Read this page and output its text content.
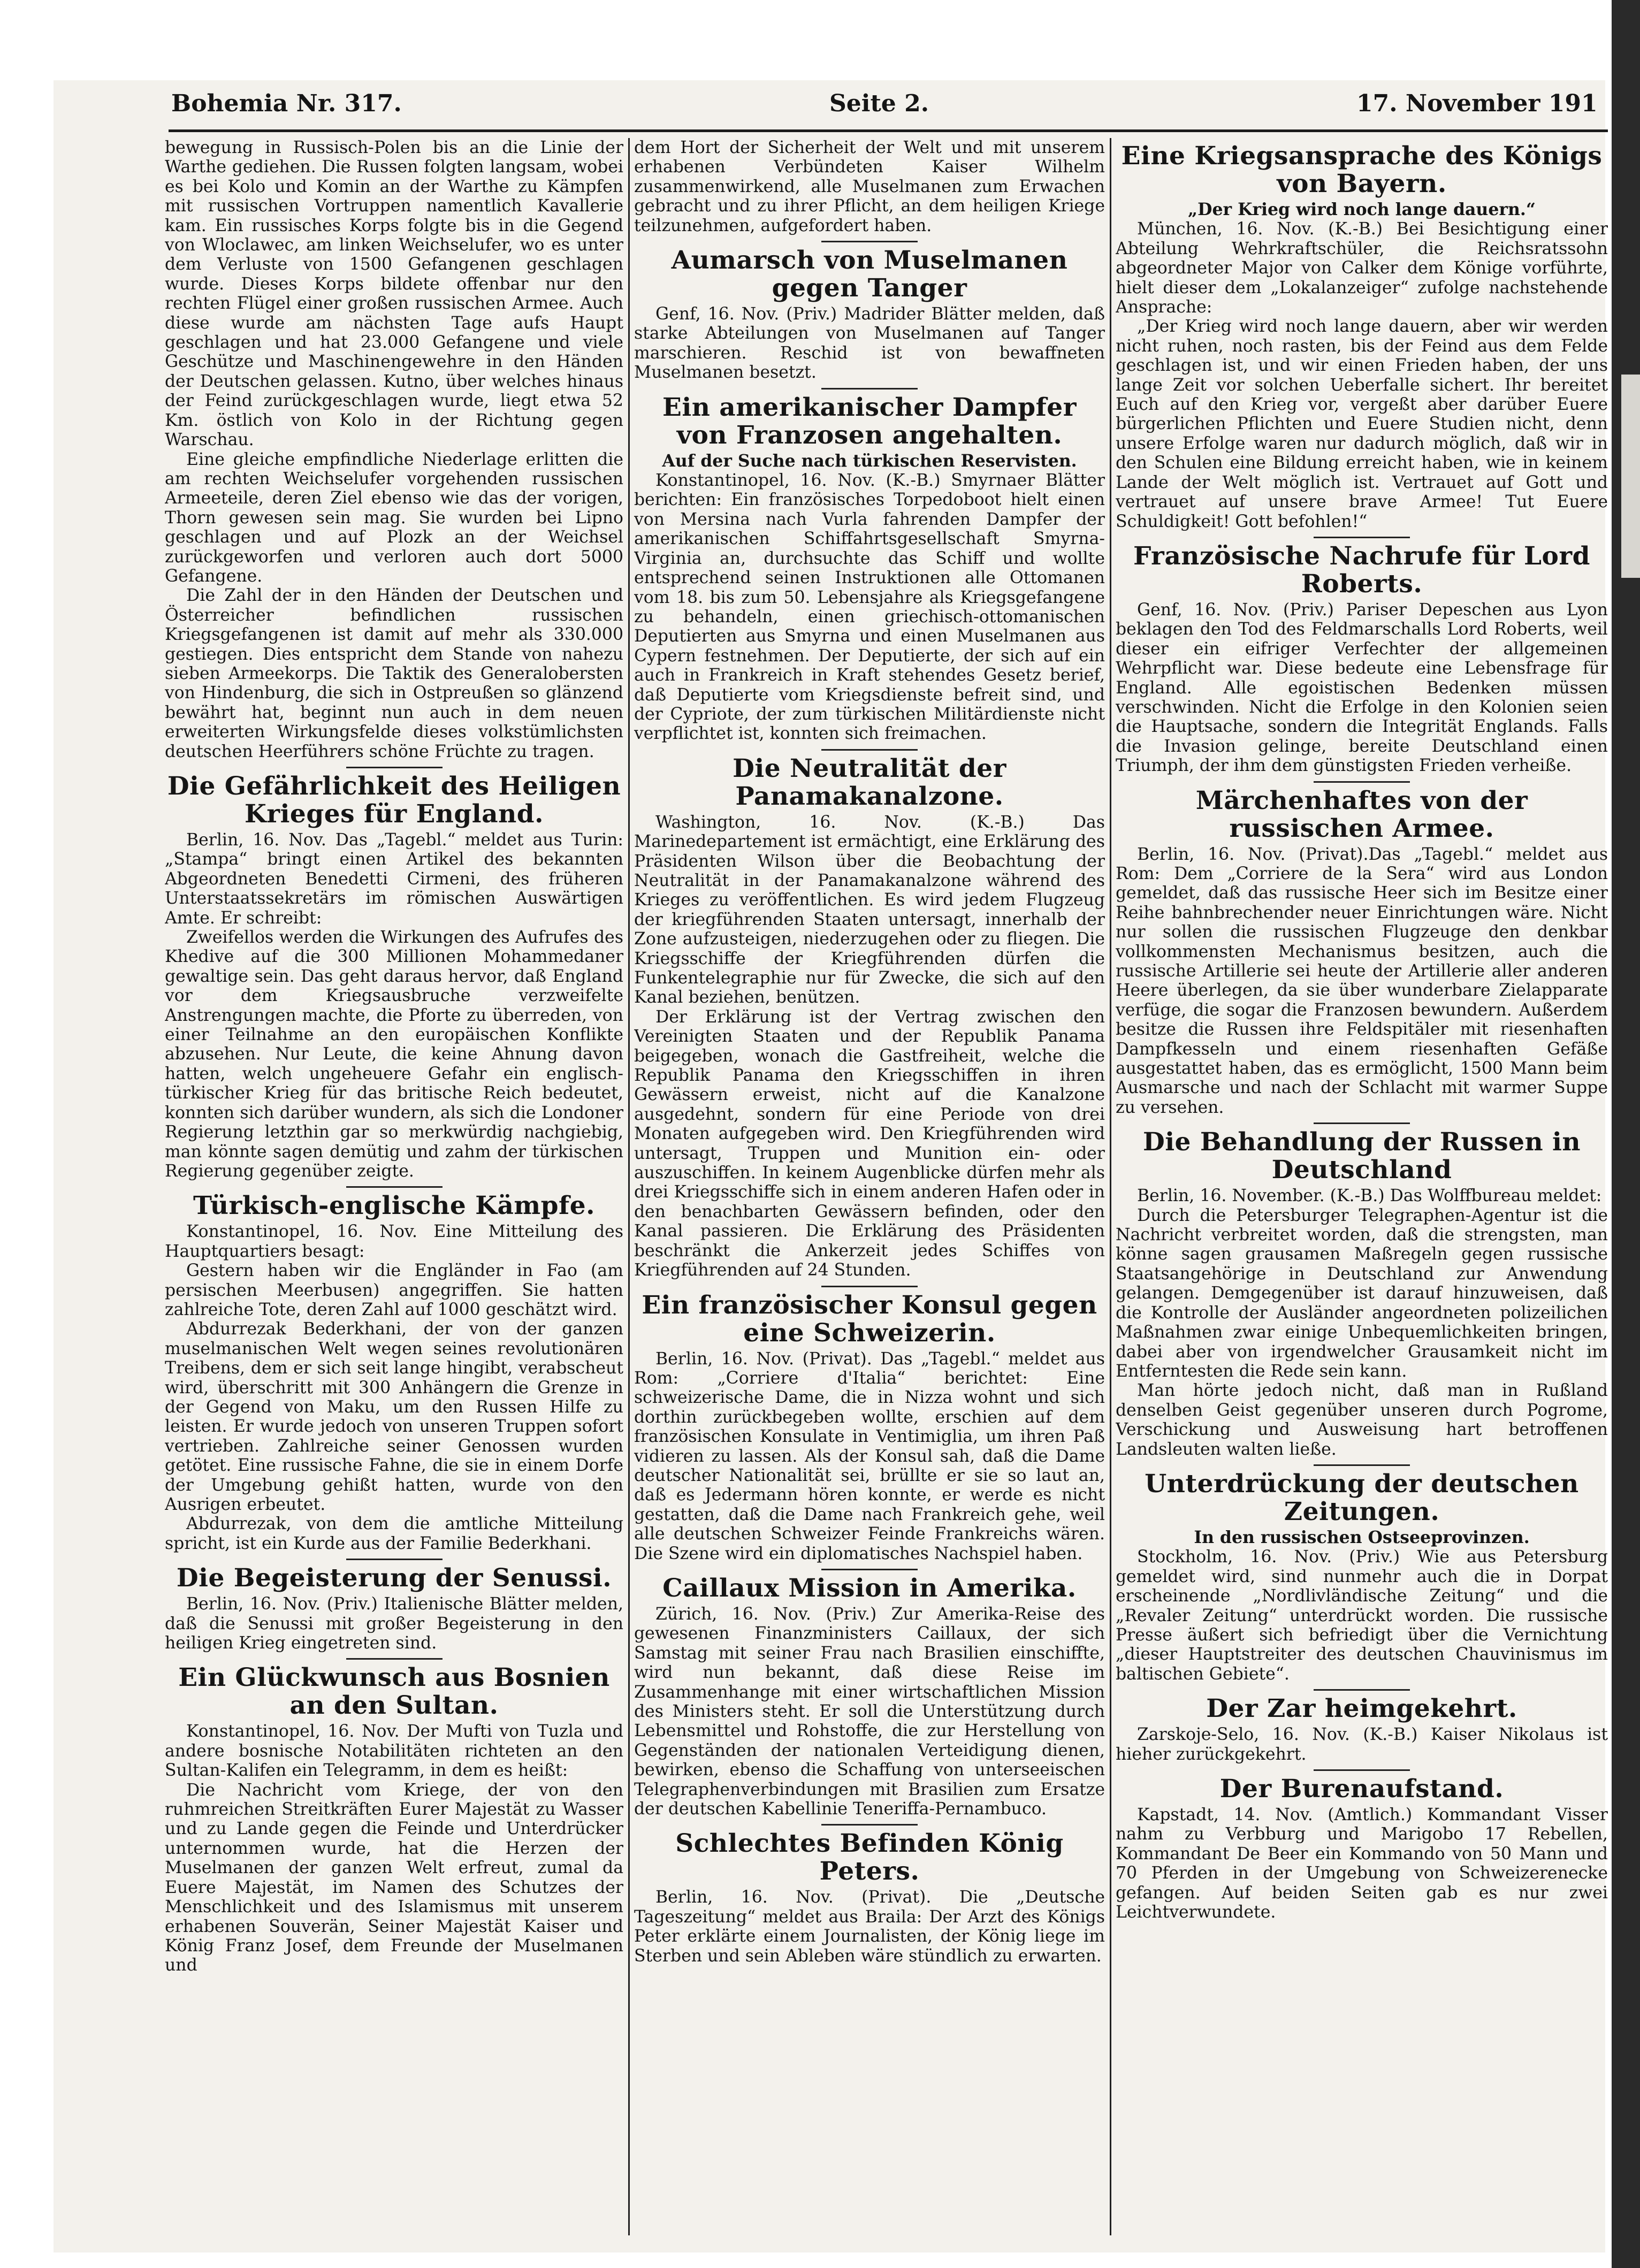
Bohemia Nr. 317.	Seite 2.	17. November 191

bewegung in Russisch-Polen bis an die Linie der Warthe gediehen. Die Russen folgten langsam, wobei es bei Kolo und Komin an der Warthe zu Kämpfen mit russischen Vortruppen namentlich Kavallerie kam. Ein russisches Korps folgte bis in die Gegend von Wloclawec, am linken Weichselufer, wo es unter dem Verluste von 1500 Gefangenen geschlagen wurde. Dieses Korps bildete offenbar nur den rechten Flügel einer großen russischen Armee. Auch diese wurde am nächsten Tage aufs Haupt geschlagen und hat 23.000 Gefangene und viele Geschütze und Maschinengewehre in den Händen der Deutschen gelassen. Kutno, über welches hinaus der Feind zurückgeschlagen wurde, liegt etwa 52 Km. östlich von Kolo in der Richtung gegen Warschau.

Eine gleiche empfindliche Niederlage erlitten die am rechten Weichselufer vorgehenden russischen Armeeteile, deren Ziel ebenso wie das der vorigen, Thorn gewesen sein mag. Sie wurden bei Lipno geschlagen und auf Plozk an der Weichsel zurückgeworfen und verloren auch dort 5000 Gefangene.

Die Zahl der in den Händen der Deutschen und Österreicher befindlichen russischen Kriegsgefangenen ist damit auf mehr als 330.000 gestiegen. Dies entspricht dem Stande von nahezu sieben Armeekorps. Die Taktik des Generalobersten von Hindenburg, die sich in Ostpreußen so glänzend bewährt hat, beginnt nun auch in dem neuen erweiterten Wirkungsfelde dieses volkstümlichsten deutschen Heerführers schöne Früchte zu tragen.

Die Gefährlichkeit des Heiligen Krieges für England.

Berlin, 16. Nov. Das „Tagebl.“ meldet aus Turin: „Stampa“ bringt einen Artikel des bekannten Abgeordneten Benedetti Cirmeni, des früheren Unterstaatssekretärs im römischen Auswärtigen Amte. Er schreibt:

Zweifellos werden die Wirkungen des Aufrufes des Khedive auf die 300 Millionen Mohammedaner gewaltige sein. Das geht daraus hervor, daß England vor dem Kriegsausbruche verzweifelte Anstrengungen machte, die Pforte zu überreden, von einer Teilnahme an den europäischen Konflikte abzusehen. Nur Leute, die keine Ahnung davon hatten, welch ungeheuere Gefahr ein englisch-türkischer Krieg für das britische Reich bedeutet, konnten sich darüber wundern, als sich die Londoner Regierung letzthin gar so merkwürdig nachgiebig, man könnte sagen demütig und zahm der türkischen Regierung gegenüber zeigte.

Türkisch-englische Kämpfe.

Konstantinopel, 16. Nov. Eine Mitteilung des Hauptquartiers besagt:

Gestern haben wir die Engländer in Fao (am persischen Meerbusen) angegriffen. Sie hatten zahlreiche Tote, deren Zahl auf 1000 geschätzt wird.

Abdurrezak Bederkhani, der von der ganzen muselmanischen Welt wegen seines revolutionären Treibens, dem er sich seit lange hingibt, verabscheut wird, überschritt mit 300 Anhängern die Grenze in der Gegend von Maku, um den Russen Hilfe zu leisten. Er wurde jedoch von unseren Truppen sofort vertrieben. Zahlreiche seiner Genossen wurden getötet. Eine russische Fahne, die sie in einem Dorfe der Umgebung gehißt hatten, wurde von den Ausrigen erbeutet.

Abdurrezak, von dem die amtliche Mitteilung spricht, ist ein Kurde aus der Familie Bederkhani.

Die Begeisterung der Senussi.

Berlin, 16. Nov. (Priv.) Italienische Blätter melden, daß die Senussi mit großer Begeisterung in den heiligen Krieg eingetreten sind.

Ein Glückwunsch aus Bosnien an den Sultan.

Konstantinopel, 16. Nov. Der Mufti von Tuzla und andere bosnische Notabilitäten richteten an den Sultan-Kalifen ein Telegramm, in dem es heißt:

Die Nachricht vom Kriege, der von den ruhmreichen Streitkräften Eurer Majestät zu Wasser und zu Lande gegen die Feinde und Unterdrücker unternommen wurde, hat die Herzen der Muselmanen der ganzen Welt erfreut, zumal da Euere Majestät, im Namen des Schutzes der Menschlichkeit und des Islamismus mit unserem erhabenen Souverän, Seiner Majestät Kaiser und König Franz Josef, dem Freunde der Muselmanen und

dem Hort der Sicherheit der Welt und mit unserem erhabenen Verbündeten Kaiser Wilhelm zusammenwirkend, alle Muselmanen zum Erwachen gebracht und zu ihrer Pflicht, an dem heiligen Kriege teilzunehmen, aufgefordert haben.

Aumarsch von Muselmanen gegen Tanger

Genf, 16. Nov. (Priv.) Madrider Blätter melden, daß starke Abteilungen von Muselmanen auf Tanger marschieren. Reschid ist von bewaffneten Muselmanen besetzt.

Ein amerikanischer Dampfer von Franzosen angehalten.

Auf der Suche nach türkischen Reservisten.

Konstantinopel, 16. Nov. (K.-B.) Smyrnaer Blätter berichten: Ein französisches Torpedoboot hielt einen von Mersina nach Vurla fahrenden Dampfer der amerikanischen Schiffahrtsgesellschaft Smyrna-Virginia an, durchsuchte das Schiff und wollte entsprechend seinen Instruktionen alle Ottomanen vom 18. bis zum 50. Lebensjahre als Kriegsgefangene zu behandeln, einen griechisch-ottomanischen Deputierten aus Smyrna und einen Muselmanen aus Cypern festnehmen. Der Deputierte, der sich auf ein auch in Frankreich in Kraft stehendes Gesetz berief, daß Deputierte vom Kriegsdienste befreit sind, und der Cypriote, der zum türkischen Militärdienste nicht verpflichtet ist, konnten sich freimachen.

Die Neutralität der Panamakanalzone.

Washington, 16. Nov. (K.-B.) Das Marinedepartement ist ermächtigt, eine Erklärung des Präsidenten Wilson über die Beobachtung der Neutralität in der Panamakanalzone während des Krieges zu veröffentlichen. Es wird jedem Flugzeug der kriegführenden Staaten untersagt, innerhalb der Zone aufzusteigen, niederzugehen oder zu fliegen. Die Kriegsschiffe der Kriegführenden dürfen die Funkentelegraphie nur für Zwecke, die sich auf den Kanal beziehen, benützen.

Der Erklärung ist der Vertrag zwischen den Vereinigten Staaten und der Republik Panama beigegeben, wonach die Gastfreiheit, welche die Republik Panama den Kriegsschiffen in ihren Gewässern erweist, nicht auf die Kanalzone ausgedehnt, sondern für eine Periode von drei Monaten aufgegeben wird. Den Kriegführenden wird untersagt, Truppen und Munition ein- oder auszuschiffen. In keinem Augenblicke dürfen mehr als drei Kriegsschiffe sich in einem anderen Hafen oder in den benachbarten Gewässern befinden, oder den Kanal passieren. Die Erklärung des Präsidenten beschränkt die Ankerzeit jedes Schiffes von Kriegführenden auf 24 Stunden.

Ein französischer Konsul gegen eine Schweizerin.

Berlin, 16. Nov. (Privat). Das „Tagebl.“ meldet aus Rom: „Corriere d'Italia“ berichtet: Eine schweizerische Dame, die in Nizza wohnt und sich dorthin zurückbegeben wollte, erschien auf dem französischen Konsulate in Ventimiglia, um ihren Paß vidieren zu lassen. Als der Konsul sah, daß die Dame deutscher Nationalität sei, brüllte er sie so laut an, daß es Jedermann hören konnte, er werde es nicht gestatten, daß die Dame nach Frankreich gehe, weil alle deutschen Schweizer Feinde Frankreichs wären. Die Szene wird ein diplomatisches Nachspiel haben.

Caillaux Mission in Amerika.

Zürich, 16. Nov. (Priv.) Zur Amerika-Reise des gewesenen Finanzministers Caillaux, der sich Samstag mit seiner Frau nach Brasilien einschiffte, wird nun bekannt, daß diese Reise im Zusammenhange mit einer wirtschaftlichen Mission des Ministers steht. Er soll die Unterstützung durch Lebensmittel und Rohstoffe, die zur Herstellung von Gegenständen der nationalen Verteidigung dienen, bewirken, ebenso die Schaffung von unterseeischen Telegraphenverbindungen mit Brasilien zum Ersatze der deutschen Kabellinie Teneriffa-Pernambuco.

Schlechtes Befinden König Peters.

Berlin, 16. Nov. (Privat). Die „Deutsche Tageszeitung“ meldet aus Braila: Der Arzt des Königs Peter erklärte einem Journalisten, der König liege im Sterben und sein Ableben wäre stündlich zu erwarten.

Eine Kriegsansprache des Königs von Bayern.

„Der Krieg wird noch lange dauern.“

München, 16. Nov. (K.-B.) Bei Besichtigung einer Abteilung Wehrkraftschüler, die Reichsratssohn abgeordneter Major von Calker dem Könige vorführte, hielt dieser dem „Lokalanzeiger“ zufolge nachstehende Ansprache:

„Der Krieg wird noch lange dauern, aber wir werden nicht ruhen, noch rasten, bis der Feind aus dem Felde geschlagen ist, und wir einen Frieden haben, der uns lange Zeit vor solchen Ueberfalle sichert. Ihr bereitet Euch auf den Krieg vor, vergeßt aber darüber Euere bürgerlichen Pflichten und Euere Studien nicht, denn unsere Erfolge waren nur dadurch möglich, daß wir in den Schulen eine Bildung erreicht haben, wie in keinem Lande der Welt möglich ist. Vertrauet auf Gott und vertrauet auf unsere brave Armee! Tut Euere Schuldigkeit! Gott befohlen!“

Französische Nachrufe für Lord Roberts.

Genf, 16. Nov. (Priv.) Pariser Depeschen aus Lyon beklagen den Tod des Feldmarschalls Lord Roberts, weil dieser ein eifriger Verfechter der allgemeinen Wehrpflicht war. Diese bedeute eine Lebensfrage für England. Alle egoistischen Bedenken müssen verschwinden. Nicht die Erfolge in den Kolonien seien die Hauptsache, sondern die Integrität Englands. Falls die Invasion gelinge, bereite Deutschland einen Triumph, der ihm dem günstigsten Frieden verheiße.

Märchenhaftes von der russischen Armee.

Berlin, 16. Nov. (Privat).Das „Tagebl.“ meldet aus Rom: Dem „Corriere de la Sera“ wird aus London gemeldet, daß das russische Heer sich im Besitze einer Reihe bahnbrechender neuer Einrichtungen wäre. Nicht nur sollen die russischen Flugzeuge den denkbar vollkommensten Mechanismus besitzen, auch die russische Artillerie sei heute der Artillerie aller anderen Heere überlegen, da sie über wunderbare Zielapparate verfüge, die sogar die Franzosen bewundern. Außerdem besitze die Russen ihre Feldspitäler mit riesenhaften Dampfkesseln und einem riesenhaften Gefäße ausgestattet haben, das es ermöglicht, 1500 Mann beim Ausmarsche und nach der Schlacht mit warmer Suppe zu versehen.

Die Behandlung der Russen in Deutschland

Berlin, 16. November. (K.-B.) Das Wolffbureau meldet:

Durch die Petersburger Telegraphen-Agentur ist die Nachricht verbreitet worden, daß die strengsten, man könne sagen grausamen Maßregeln gegen russische Staatsangehörige in Deutschland zur Anwendung gelangen. Demgegenüber ist darauf hinzuweisen, daß die Kontrolle der Ausländer angeordneten polizeilichen Maßnahmen zwar einige Unbequemlichkeiten bringen, dabei aber von irgendwelcher Grausamkeit nicht im Entferntesten die Rede sein kann.

Man hörte jedoch nicht, daß man in Rußland denselben Geist gegenüber unseren durch Pogrome, Verschickung und Ausweisung hart betroffenen Landsleuten walten ließe.

Unterdrückung der deutschen Zeitungen.

In den russischen Ostseeprovinzen.

Stockholm, 16. Nov. (Priv.) Wie aus Petersburg gemeldet wird, sind nunmehr auch die in Dorpat erscheinende „Nordlivländische Zeitung“ und die „Revaler Zeitung“ unterdrückt worden. Die russische Presse äußert sich befriedigt über die Vernichtung „dieser Hauptstreiter des deutschen Chauvinismus im baltischen Gebiete“.

Der Zar heimgekehrt.

Zarskoje-Selo, 16. Nov. (K.-B.) Kaiser Nikolaus ist hieher zurückgekehrt.

Der Burenaufstand.

Kapstadt, 14. Nov. (Amtlich.) Kommandant Visser nahm zu Verbburg und Marigobo 17 Rebellen, Kommandant De Beer ein Kommando von 50 Mann und 70 Pferden in der Umgebung von Schweizerenecke gefangen. Auf beiden Seiten gab es nur zwei Leichtverwundete.
